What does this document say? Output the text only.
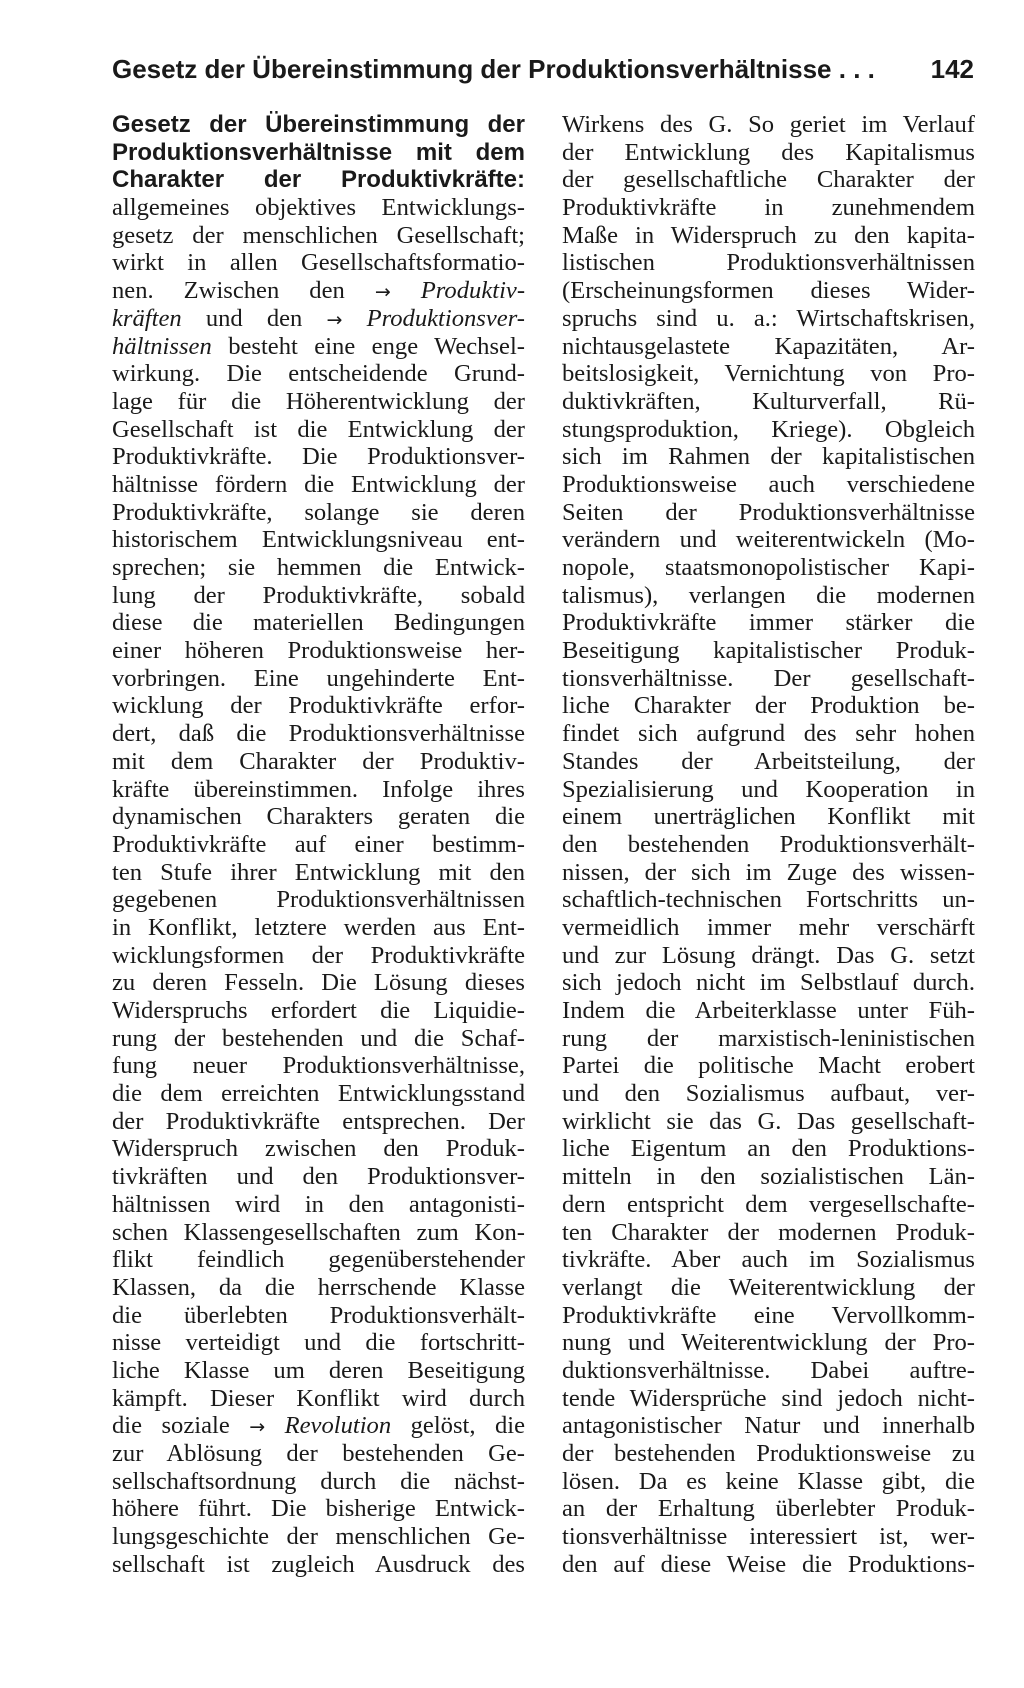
Gesetz der Übereinstimmung der Produktionsverhältnisse . . . 142
Gesetz der Übereinstimmung der
Produktionsverhältnisse mit dem
Charakter der Produktivkräfte:
allgemeines objektives Entwicklungs-
gesetz der menschlichen Gesellschaft;
wirkt in allen Gesellschaftsformatio-
nen. Zwischen den → Produktiv-
kräften und den → Produktionsver-
hältnissen besteht eine enge Wechsel-
wirkung. Die entscheidende Grund-
lage für die Höherentwicklung der
Gesellschaft ist die Entwicklung der
Produktivkräfte. Die Produktionsver-
hältnisse fördern die Entwicklung der
Produktivkräfte, solange sie deren
historischem Entwicklungsniveau ent-
sprechen; sie hemmen die Entwick-
lung der Produktivkräfte, sobald
diese die materiellen Bedingungen
einer höheren Produktionsweise her-
vorbringen. Eine ungehinderte Ent-
wicklung der Produktivkräfte erfor-
dert, daß die Produktionsverhältnisse
mit dem Charakter der Produktiv-
kräfte übereinstimmen. Infolge ihres
dynamischen Charakters geraten die
Produktivkräfte auf einer bestimm-
ten Stufe ihrer Entwicklung mit den
gegebenen Produktionsverhältnissen
in Konflikt, letztere werden aus Ent-
wicklungsformen der Produktivkräfte
zu deren Fesseln. Die Lösung dieses
Widerspruchs erfordert die Liquidie-
rung der bestehenden und die Schaf-
fung neuer Produktionsverhältnisse,
die dem erreichten Entwicklungsstand
der Produktivkräfte entsprechen. Der
Widerspruch zwischen den Produk-
tivkräften und den Produktionsver-
hältnissen wird in den antagonisti-
schen Klassengesellschaften zum Kon-
flikt feindlich gegenüberstehender
Klassen, da die herrschende Klasse
die überlebten Produktionsverhält-
nisse verteidigt und die fortschritt-
liche Klasse um deren Beseitigung
kämpft. Dieser Konflikt wird durch
die soziale → Revolution gelöst, die
zur Ablösung der bestehenden Ge-
sellschaftsordnung durch die nächst-
höhere führt. Die bisherige Entwick-
lungsgeschichte der menschlichen Ge-
sellschaft ist zugleich Ausdruck des
Wirkens des G. So geriet im Verlauf
der Entwicklung des Kapitalismus
der gesellschaftliche Charakter der
Produktivkräfte in zunehmendem
Maße in Widerspruch zu den kapita-
listischen Produktionsverhältnissen
(Erscheinungsformen dieses Wider-
spruchs sind u. a.: Wirtschaftskrisen,
nichtausgelastete Kapazitäten, Ar-
beitslosigkeit, Vernichtung von Pro-
duktivkräften, Kulturverfall, Rü-
stungsproduktion, Kriege). Obgleich
sich im Rahmen der kapitalistischen
Produktionsweise auch verschiedene
Seiten der Produktionsverhältnisse
verändern und weiterentwickeln (Mo-
nopole, staatsmonopolistischer Kapi-
talismus), verlangen die modernen
Produktivkräfte immer stärker die
Beseitigung kapitalistischer Produk-
tionsverhältnisse. Der gesellschaft-
liche Charakter der Produktion be-
findet sich aufgrund des sehr hohen
Standes der Arbeitsteilung, der
Spezialisierung und Kooperation in
einem unerträglichen Konflikt mit
den bestehenden Produktionsverhält-
nissen, der sich im Zuge des wissen-
schaftlich-technischen Fortschritts un-
vermeidlich immer mehr verschärft
und zur Lösung drängt. Das G. setzt
sich jedoch nicht im Selbstlauf durch.
Indem die Arbeiterklasse unter Füh-
rung der marxistisch-leninistischen
Partei die politische Macht erobert
und den Sozialismus aufbaut, ver-
wirklicht sie das G. Das gesellschaft-
liche Eigentum an den Produktions-
mitteln in den sozialistischen Län-
dern entspricht dem vergesellschafte-
ten Charakter der modernen Produk-
tivkräfte. Aber auch im Sozialismus
verlangt die Weiterentwicklung der
Produktivkräfte eine Vervollkomm-
nung und Weiterentwicklung der Pro-
duktionsverhältnisse. Dabei auftre-
tende Widersprüche sind jedoch nicht-
antagonistischer Natur und innerhalb
der bestehenden Produktionsweise zu
lösen. Da es keine Klasse gibt, die
an der Erhaltung überlebter Produk-
tionsverhältnisse interessiert ist, wer-
den auf diese Weise die Produktions-
